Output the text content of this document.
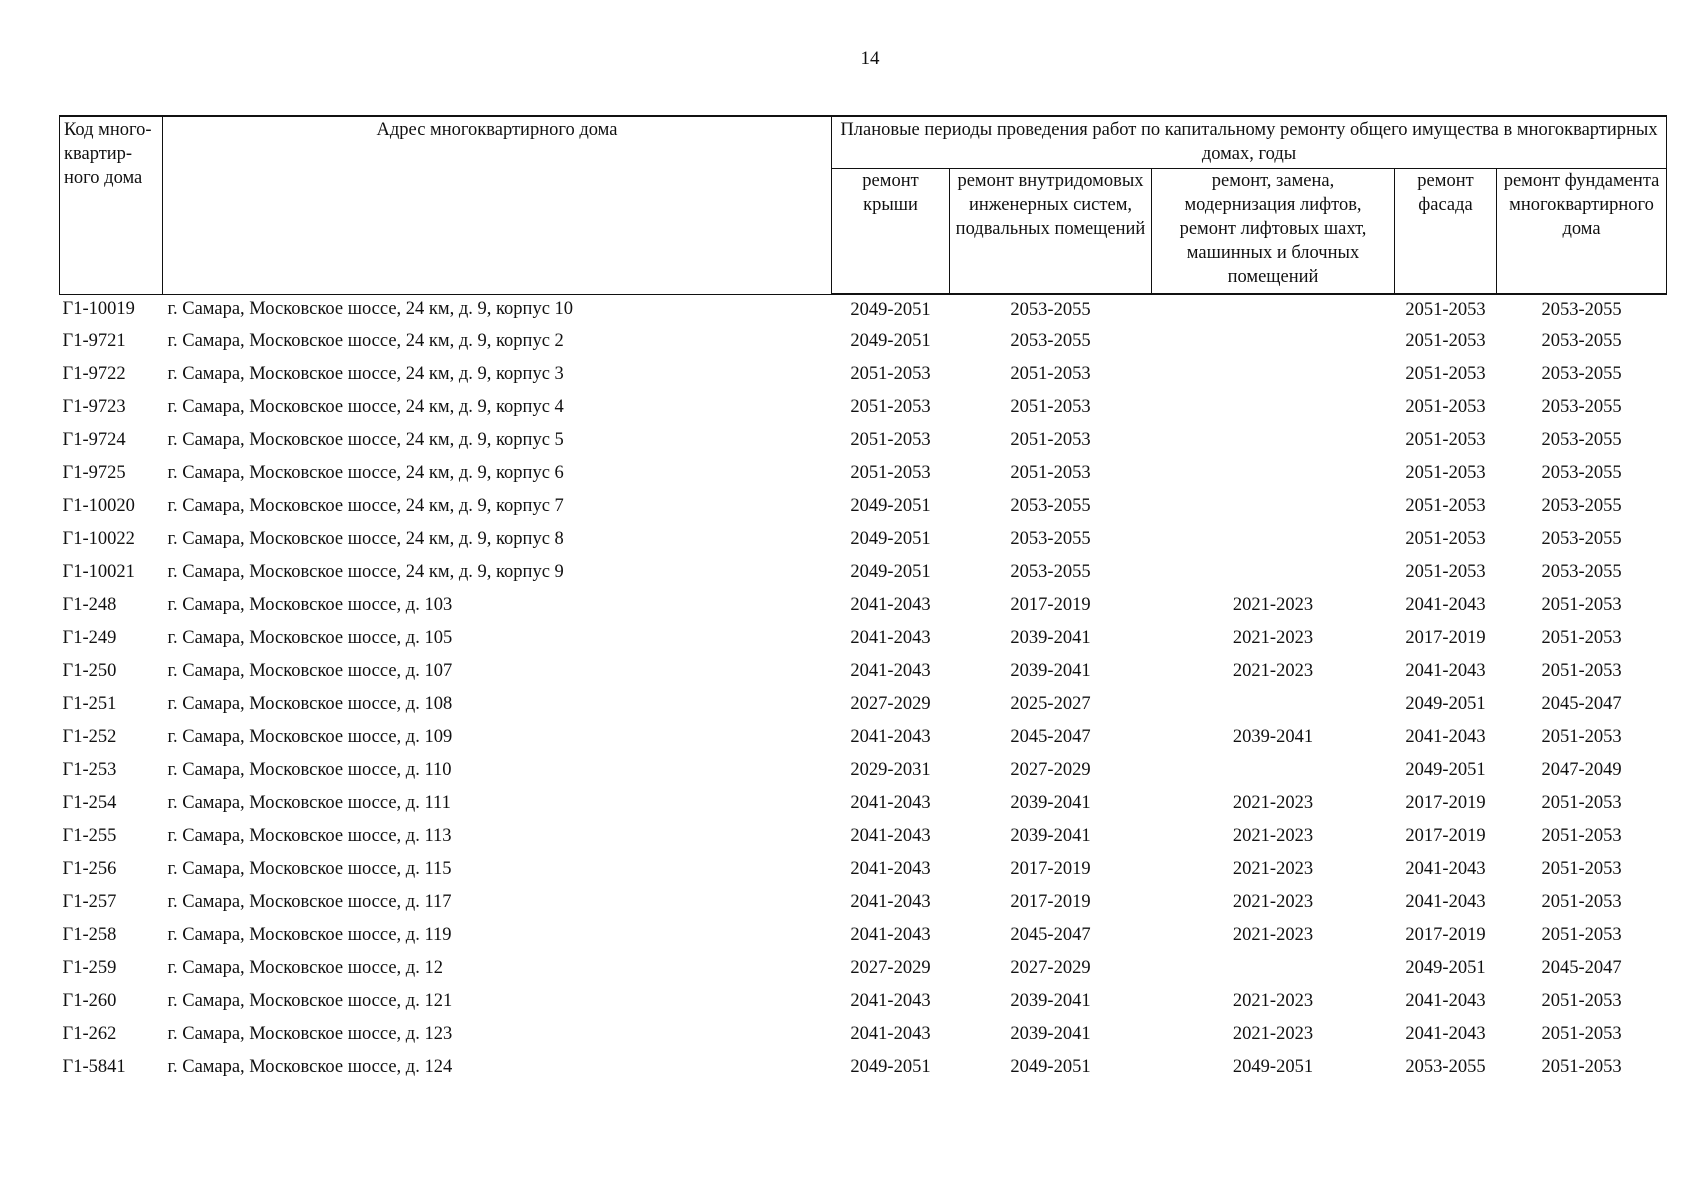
14
Код много-квартир-ного дома	Адрес многоквартирного дома	Плановые периоды проведения работ по капитальному ремонту общего имущества в многоквартирных домах, годы				

		ремонт крыши	ремонт внутридомовых инженерных систем, подвальных помещений	ремонт, замена, модернизация лифтов, ремонт лифтовых шахт, машинных и блочных помещений	ремонт фасада	ремонт фундамента многоквартирного дома
Г1-10019	г. Самара, Московское шоссе, 24 км, д. 9, корпус 10	2049-2051	2053-2055		2051-2053	2053-2055
Г1-9721	г. Самара, Московское шоссе, 24 км, д. 9, корпус 2	2049-2051	2053-2055		2051-2053	2053-2055
Г1-9722	г. Самара, Московское шоссе, 24 км, д. 9, корпус 3	2051-2053	2051-2053		2051-2053	2053-2055
Г1-9723	г. Самара, Московское шоссе, 24 км, д. 9, корпус 4	2051-2053	2051-2053		2051-2053	2053-2055
Г1-9724	г. Самара, Московское шоссе, 24 км, д. 9, корпус 5	2051-2053	2051-2053		2051-2053	2053-2055
Г1-9725	г. Самара, Московское шоссе, 24 км, д. 9, корпус 6	2051-2053	2051-2053		2051-2053	2053-2055
Г1-10020	г. Самара, Московское шоссе, 24 км, д. 9, корпус 7	2049-2051	2053-2055		2051-2053	2053-2055
Г1-10022	г. Самара, Московское шоссе, 24 км, д. 9, корпус 8	2049-2051	2053-2055		2051-2053	2053-2055
Г1-10021	г. Самара, Московское шоссе, 24 км, д. 9, корпус 9	2049-2051	2053-2055		2051-2053	2053-2055
Г1-248	г. Самара, Московское шоссе, д. 103	2041-2043	2017-2019	2021-2023	2041-2043	2051-2053
Г1-249	г. Самара, Московское шоссе, д. 105	2041-2043	2039-2041	2021-2023	2017-2019	2051-2053
Г1-250	г. Самара, Московское шоссе, д. 107	2041-2043	2039-2041	2021-2023	2041-2043	2051-2053
Г1-251	г. Самара, Московское шоссе, д. 108	2027-2029	2025-2027		2049-2051	2045-2047
Г1-252	г. Самара, Московское шоссе, д. 109	2041-2043	2045-2047	2039-2041	2041-2043	2051-2053
Г1-253	г. Самара, Московское шоссе, д. 110	2029-2031	2027-2029		2049-2051	2047-2049
Г1-254	г. Самара, Московское шоссе, д. 111	2041-2043	2039-2041	2021-2023	2017-2019	2051-2053
Г1-255	г. Самара, Московское шоссе, д. 113	2041-2043	2039-2041	2021-2023	2017-2019	2051-2053
Г1-256	г. Самара, Московское шоссе, д. 115	2041-2043	2017-2019	2021-2023	2041-2043	2051-2053
Г1-257	г. Самара, Московское шоссе, д. 117	2041-2043	2017-2019	2021-2023	2041-2043	2051-2053
Г1-258	г. Самара, Московское шоссе, д. 119	2041-2043	2045-2047	2021-2023	2017-2019	2051-2053
Г1-259	г. Самара, Московское шоссе, д. 12	2027-2029	2027-2029		2049-2051	2045-2047
Г1-260	г. Самара, Московское шоссе, д. 121	2041-2043	2039-2041	2021-2023	2041-2043	2051-2053
Г1-262	г. Самара, Московское шоссе, д. 123	2041-2043	2039-2041	2021-2023	2041-2043	2051-2053
Г1-5841	г. Самара, Московское шоссе, д. 124	2049-2051	2049-2051	2049-2051	2053-2055	2051-2053
